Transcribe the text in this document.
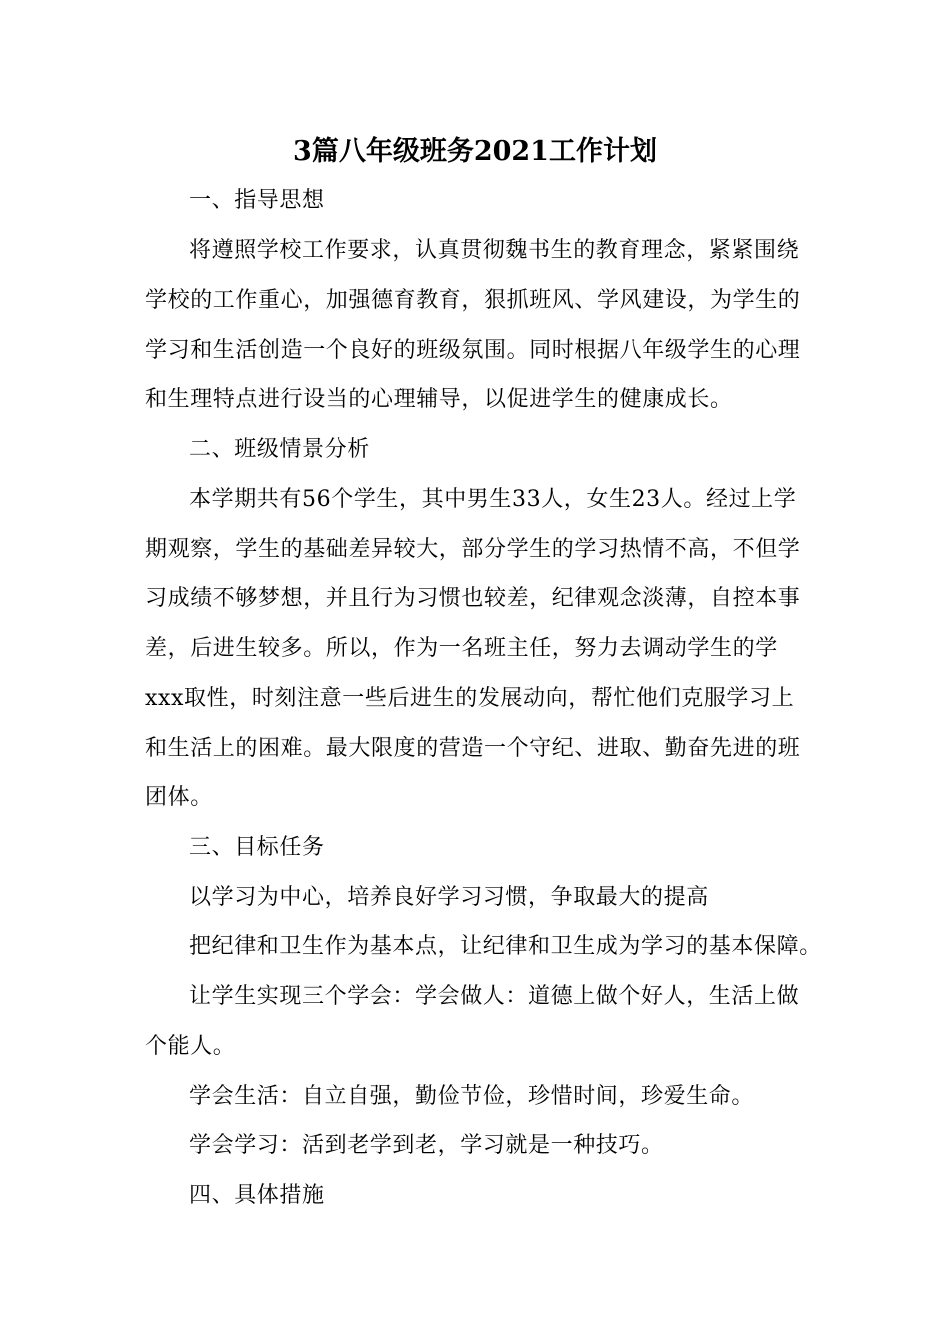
3篇八年级班务2021工作计划
一、指导思想
将遵照学校工作要求，认真贯彻魏书生的教育理念，紧紧围绕
学校的工作重心，加强德育教育，狠抓班风、学风建设，为学生的
学习和生活创造一个良好的班级氛围。同时根据八年级学生的心理
和生理特点进行设当的心理辅导，以促进学生的健康成长。
二、班级情景分析
本学期共有56个学生，其中男生33人，女生23人。经过上学
期观察，学生的基础差异较大，部分学生的学习热情不高，不但学
习成绩不够梦想，并且行为习惯也较差，纪律观念淡薄，自控本事
差，后进生较多。所以，作为一名班主任，努力去调动学生的学
xxx取性，时刻注意一些后进生的发展动向，帮忙他们克服学习上
和生活上的困难。最大限度的营造一个守纪、进取、勤奋先进的班
团体。
三、目标任务
以学习为中心，培养良好学习习惯，争取最大的提高
把纪律和卫生作为基本点，让纪律和卫生成为学习的基本保障。
让学生实现三个学会：学会做人：道德上做个好人，生活上做
个能人。
学会生活：自立自强，勤俭节俭，珍惜时间，珍爱生命。
学会学习：活到老学到老，学习就是一种技巧。
四、具体措施
